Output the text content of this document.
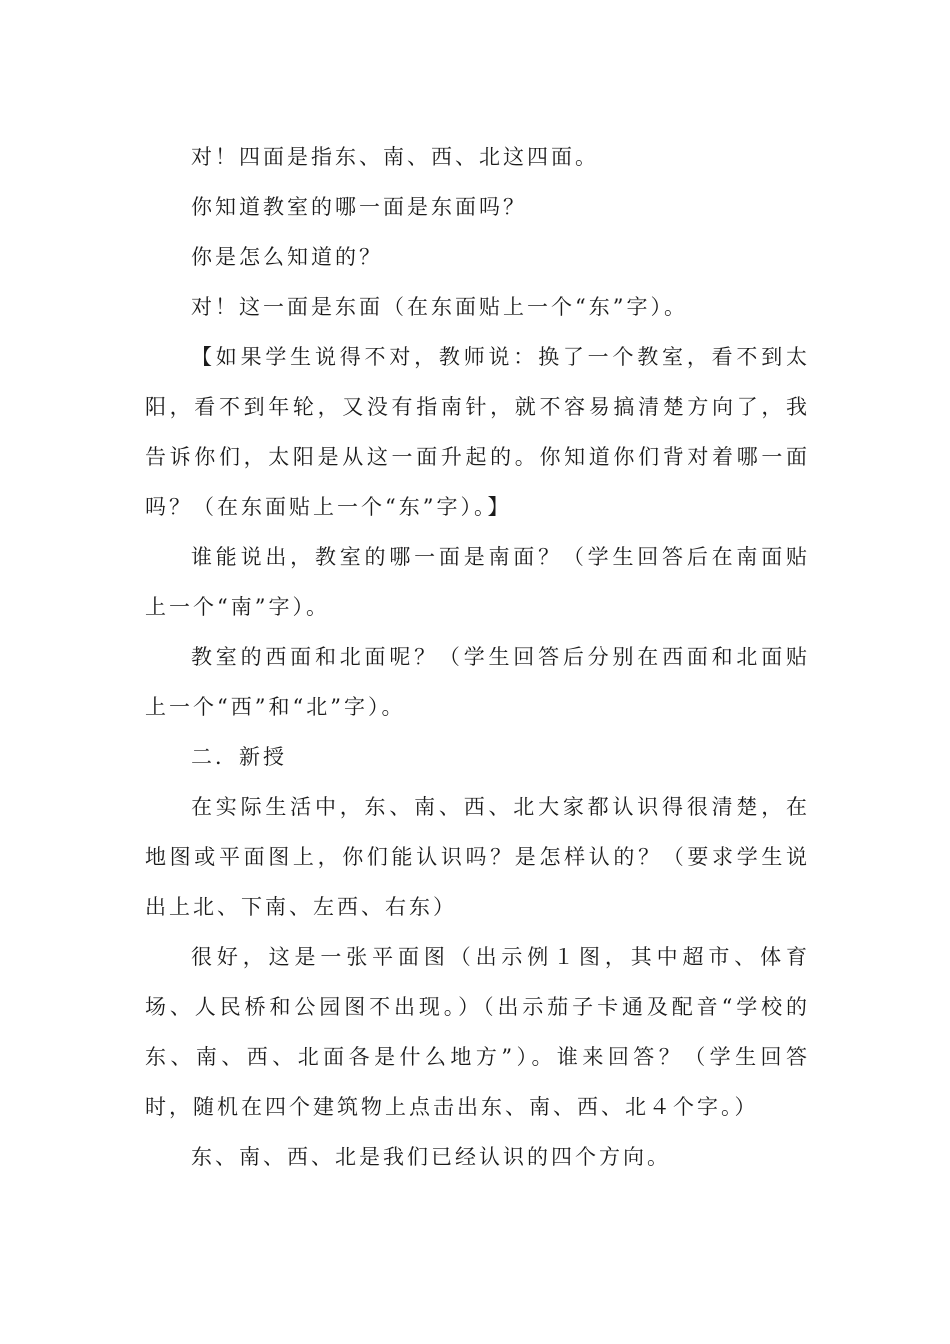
对！四面是指东、南、西、北这四面。

你知道教室的哪一面是东面吗？

你是怎么知道的？

对！这一面是东面（在东面贴上一个“东”字）。

【如果学生说得不对，教师说：换了一个教室，看不到太阳，看不到年轮，又没有指南针，就不容易搞清楚方向了，我告诉你们，太阳是从这一面升起的。你知道你们背对着哪一面吗？（在东面贴上一个“东”字）。】

谁能说出，教室的哪一面是南面？（学生回答后在南面贴上一个“南”字）。

教室的西面和北面呢？（学生回答后分别在西面和北面贴上一个“西”和“北”字）。

二．新授

在实际生活中，东、南、西、北大家都认识得很清楚，在地图或平面图上，你们能认识吗？是怎样认的？（要求学生说出上北、下南、左西、右东）

很好，这是一张平面图（出示例１图，其中超市、体育场、人民桥和公园图不出现。）（出示茄子卡通及配音“学校的东、南、西、北面各是什么地方”）。谁来回答？（学生回答时，随机在四个建筑物上点击出东、南、西、北４个字。）

东、南、西、北是我们已经认识的四个方向。
